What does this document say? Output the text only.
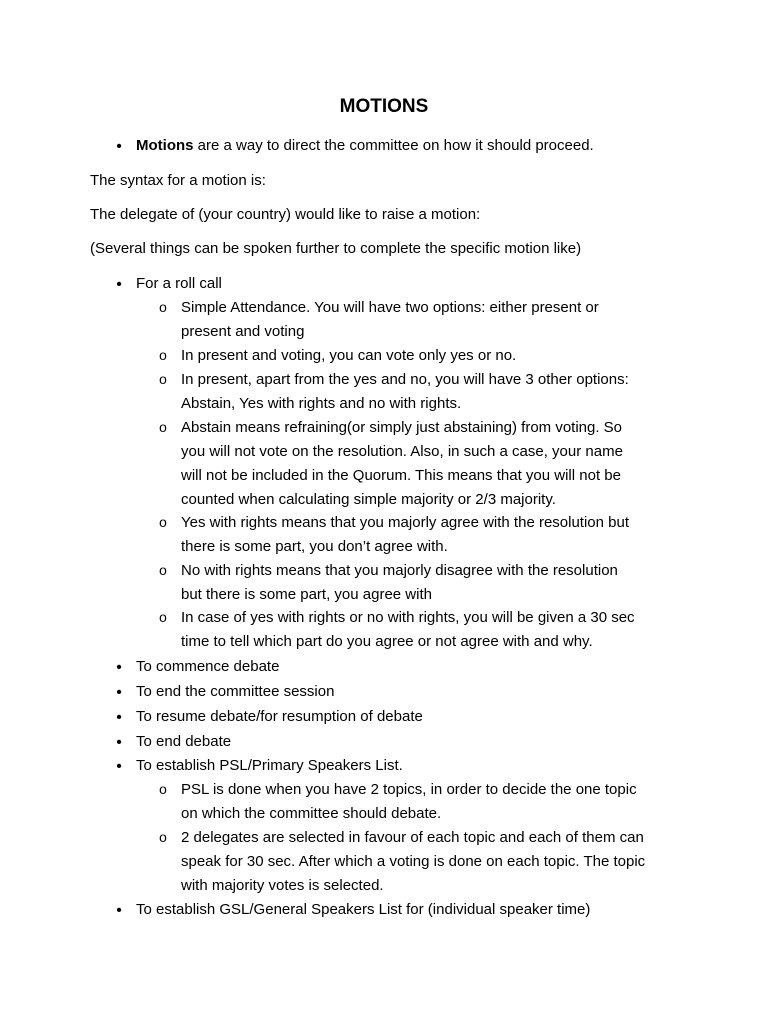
MOTIONS
•
Motions are a way to direct the committee on how it should proceed.
The syntax for a motion is:
The delegate of (your country) would like to raise a motion:
(Several things can be spoken further to complete the specific motion like)
•
For a roll call
o
Simple Attendance. You will have two options: either present or
present and voting
o
In present and voting, you can vote only yes or no.
o
In present, apart from the yes and no, you will have 3 other options:
Abstain, Yes with rights and no with rights.
o
Abstain means refraining(or simply just abstaining) from voting. So
you will not vote on the resolution. Also, in such a case, your name
will not be included in the Quorum. This means that you will not be
counted when calculating simple majority or 2/3 majority.
o
Yes with rights means that you majorly agree with the resolution but
there is some part, you don’t agree with.
o
No with rights means that you majorly disagree with the resolution
but there is some part, you agree with
o
In case of yes with rights or no with rights, you will be given a 30 sec
time to tell which part do you agree or not agree with and why.
•
To commence debate
•
To end the committee session
•
To resume debate/for resumption of debate
•
To end debate
•
To establish PSL/Primary Speakers List.
o
PSL is done when you have 2 topics, in order to decide the one topic
on which the committee should debate.
o
2 delegates are selected in favour of each topic and each of them can
speak for 30 sec. After which a voting is done on each topic. The topic
with majority votes is selected.
•
To establish GSL/General Speakers List for (individual speaker time)
